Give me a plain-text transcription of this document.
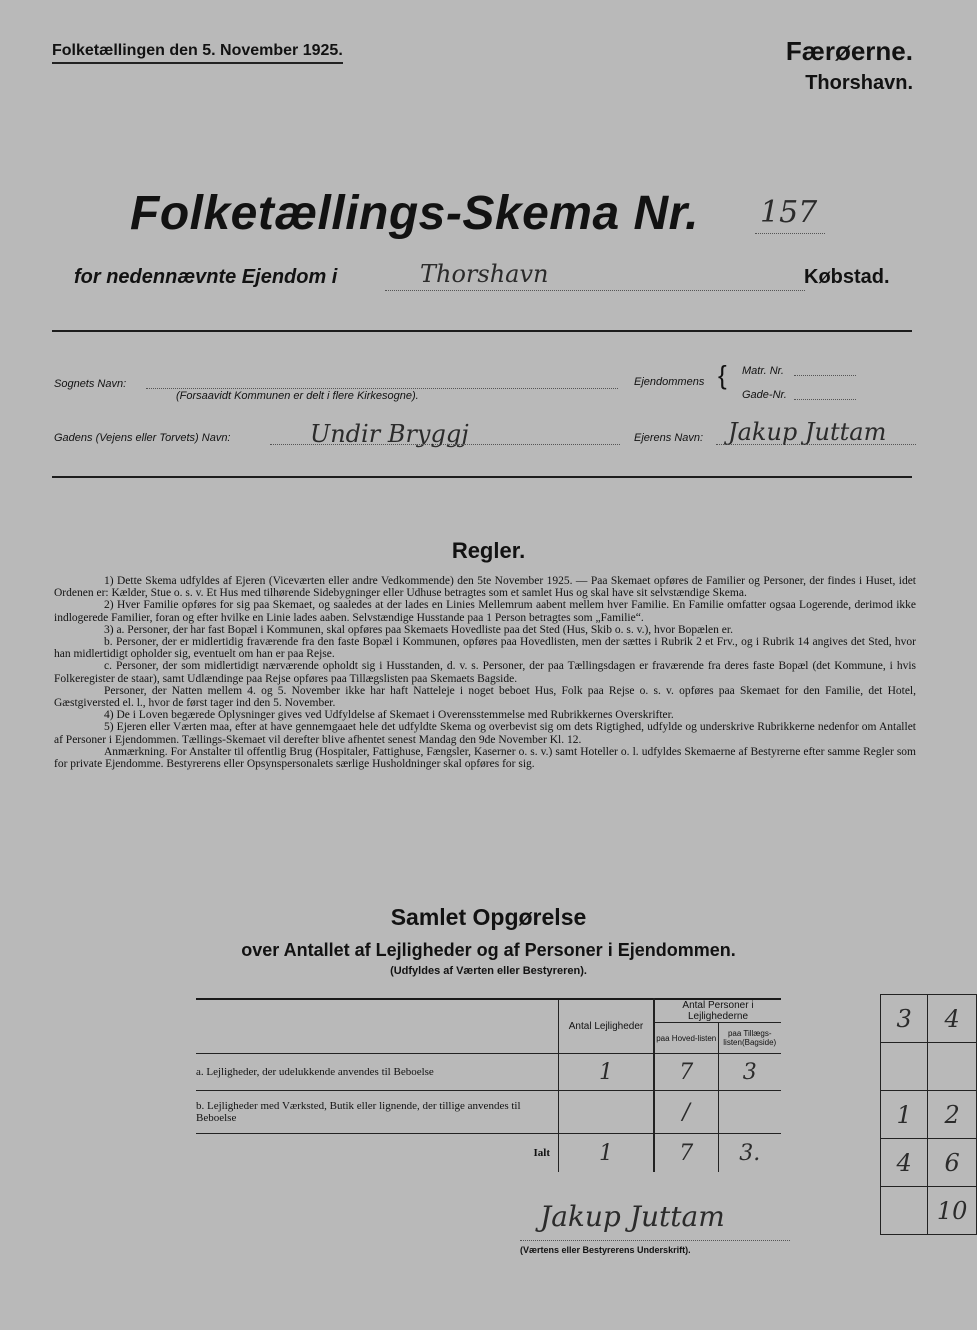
Folketællingen den 5. November 1925.	Færøerne.
Thorshavn.
Folketællings-Skema Nr. 157
for nedennævnte Ejendom i	Thorshavn	Købstad.
Sognets Navn:
(Forsaavidt Kommunen er delt i flere Kirkesogne).
Ejendommens { Matr. Nr.
Gade-Nr.
Gadens (Vejens eller Torvets) Navn:	Undir Bryggj	Ejerens Navn: Jakup Juttam
Regler.

1) Dette Skema udfyldes af Ejeren (Viceværten eller andre Vedkommende) den 5te November 1925. — Paa Skemaet opføres de Familier og Personer, der findes i Huset, idet Ordenen er: Kælder, Stue o. s. v. Et Hus med tilhørende Sidebygninger eller Udhuse betragtes som et samlet Hus og skal have sit selvstændige Skema.

2) Hver Familie opføres for sig paa Skemaet, og saaledes at der lades en Linies Mellemrum aabent mellem hver Familie. En Familie omfatter ogsaa Logerende, derimod ikke indlogerede Familier, foran og efter hvilke en Linie lades aaben. Selvstændige Husstande paa 1 Person betragtes som „Familie“.

3) a. Personer, der har fast Bopæl i Kommunen, skal opføres paa Skemaets Hovedliste paa det Sted (Hus, Skib o. s. v.), hvor Bopælen er.

b. Personer, der er midlertidig fraværende fra den faste Bopæl i Kommunen, opføres paa Hovedlisten, men der sættes i Rubrik 2 et Frv., og i Rubrik 14 angives det Sted, hvor han midlertidigt opholder sig, eventuelt om han er paa Rejse.

c. Personer, der som midlertidigt nærværende opholdt sig i Husstanden, d. v. s. Personer, der paa Tællingsdagen er fraværende fra deres faste Bopæl (det Kommune, i hvis Folkeregister de staar), samt Udlændinge paa Rejse opføres paa Tillægslisten paa Skemaets Bagside.

Personer, der Natten mellem 4. og 5. November ikke har haft Natteleje i noget beboet Hus, Folk paa Rejse o. s. v. opføres paa Skemaet for den Familie, det Hotel, Gæstgiversted el. l., hvor de først tager ind den 5. November.

4) De i Loven begærede Oplysninger gives ved Udfyldelse af Skemaet i Overensstemmelse med Rubrikkernes Overskrifter.

5) Ejeren eller Værten maa, efter at have gennemgaaet hele det udfyldte Skema og overbevist sig om dets Rigtighed, udfylde og underskrive Rubrikkerne nedenfor om Antallet af Personer i Ejendommen. Tællings-Skemaet vil derefter blive afhentet senest Mandag den 9de November Kl. 12.

Anmærkning. For Anstalter til offentlig Brug (Hospitaler, Fattighuse, Fængsler, Kaserner o. s. v.) samt Hoteller o. l. udfyldes Skemaerne af Bestyrerne efter samme Regler som for private Ejendomme. Bestyrerens eller Opsynspersonalets særlige Husholdninger skal opføres for sig.

Samlet Opgørelse
over Antallet af Lejligheder og af Personer i Ejendommen.
(Udfyldes af Værten eller Bestyreren).
	Antal Lejligheder	Antal Personer i Lejlighederne	
		paa Hoved-listen	paa Tillægs-listen(Bagside)
a. Lejligheder, der udelukkende anvendes til Beboelse	1	7	3
b. Lejligheder med Værksted, Butik eller lignende, der tillige anvendes til Beboelse		/	
Ialt	1	7	3.
3	4

1	2
4	6
	10
Jakup Juttam
(Værtens eller Bestyrerens Underskrift).
